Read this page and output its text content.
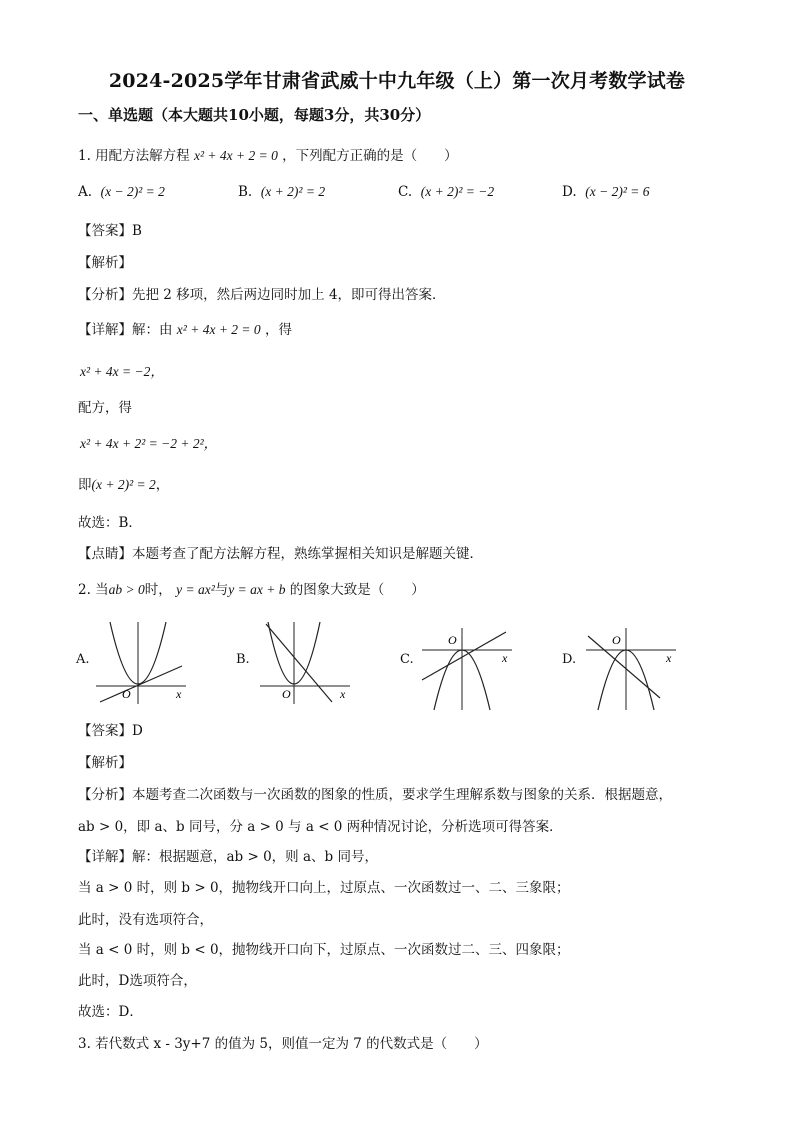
2024-2025学年甘肃省武威十中九年级（上）第一次月考数学试卷
一、单选题（本大题共10小题，每题3分，共30分）
1. 用配方法解方程 x² + 4x + 2 = 0 ，下列配方正确的是（　　）
A. (x − 2)² = 2	B. (x + 2)² = 2	C. (x + 2)² = −2	D. (x − 2)² = 6
【答案】B
【解析】
【分析】先把 2 移项，然后两边同时加上 4，即可得出答案．
【详解】解：由 x² + 4x + 2 = 0 ，得
x² + 4x = −2，
配方，得
x² + 4x + 2² = −2 + 2²，
即(x + 2)² = 2，
故选：B．
【点睛】本题考查了配方法解方程，熟练掌握相关知识是解题关键．
2. 当ab > 0时， y = ax²与y = ax + b 的图象大致是（　　）
A.
O	x
B.
O	x
C.
O
x	D.
O
x
【答案】D
【解析】
【分析】本题考查二次函数与一次函数的图象的性质，要求学生理解系数与图象的关系．根据题意，
ab > 0，即 a、b 同号，分 a > 0 与 a < 0 两种情况讨论，分析选项可得答案．
【详解】解：根据题意，ab > 0，则 a、b 同号，
当 a > 0 时，则 b > 0，抛物线开口向上，过原点、一次函数过一、二、三象限；
此时，没有选项符合，
当 a < 0 时，则 b < 0，抛物线开口向下，过原点、一次函数过二、三、四象限；
此时，D选项符合，
故选：D．
3. 若代数式 x - 3y+7 的值为 5，则值一定为 7 的代数式是（　　）
